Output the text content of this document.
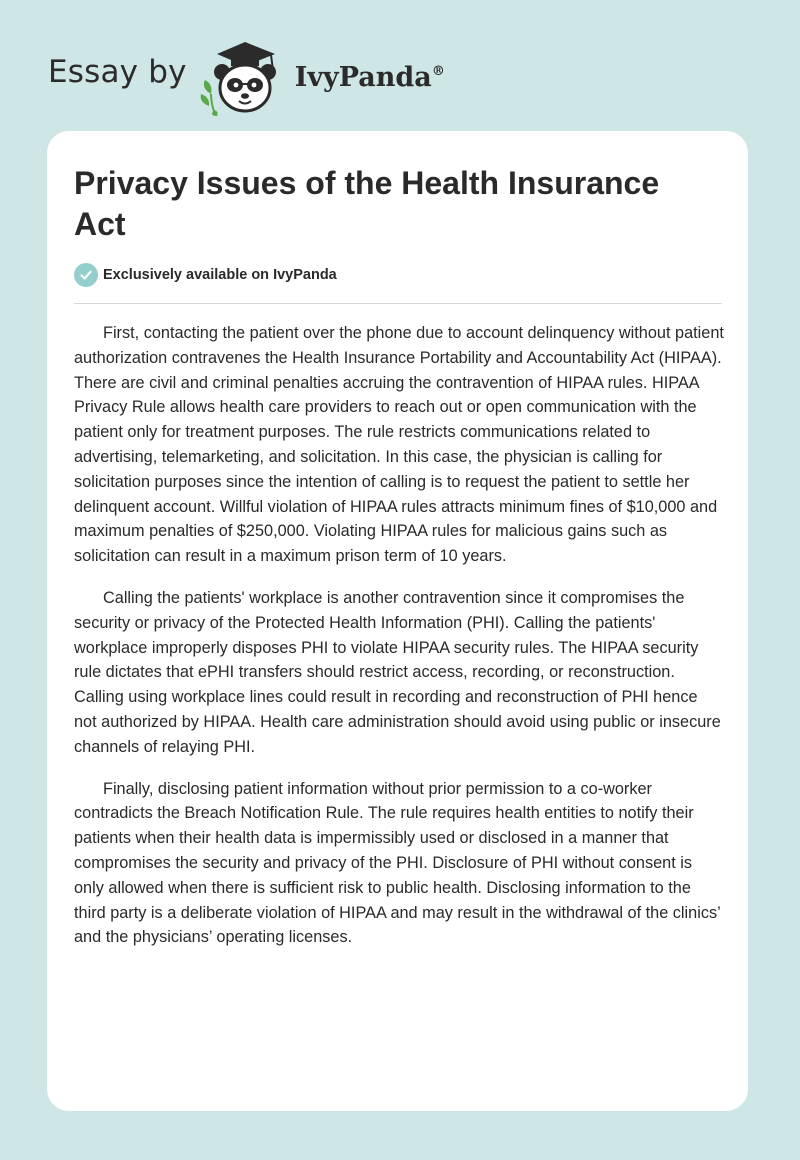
Essay by	IvyPanda®
Privacy Issues of the Health Insurance Act
Exclusively available on IvyPanda

First, contacting the patient over the phone due to account delinquency without patient authorization contravenes the Health Insurance Portability and Accountability Act (HIPAA). There are civil and criminal penalties accruing the contravention of HIPAA rules. HIPAA Privacy Rule allows health care providers to reach out or open communication with the patient only for treatment purposes. The rule restricts communications related to advertising, telemarketing, and solicitation. In this case, the physician is calling for solicitation purposes since the intention of calling is to request the patient to settle her delinquent account. Willful violation of HIPAA rules attracts minimum fines of $10,000 and maximum penalties of $250,000. Violating HIPAA rules for malicious gains such as solicitation can result in a maximum prison term of 10 years.

Calling the patients' workplace is another contravention since it compromises the security or privacy of the Protected Health Information (PHI). Calling the patients' workplace improperly disposes PHI to violate HIPAA security rules. The HIPAA security rule dictates that ePHI transfers should restrict access, recording, or reconstruction. Calling using workplace lines could result in recording and reconstruction of PHI hence not authorized by HIPAA. Health care administration should avoid using public or insecure channels of relaying PHI.

Finally, disclosing patient information without prior permission to a co-worker contradicts the Breach Notification Rule. The rule requires health entities to notify their patients when their health data is impermissibly used or disclosed in a manner that compromises the security and privacy of the PHI. Disclosure of PHI without consent is only allowed when there is sufficient risk to public health. Disclosing information to the third party is a deliberate violation of HIPAA and may result in the withdrawal of the clinics’ and the physicians’ operating licenses.
